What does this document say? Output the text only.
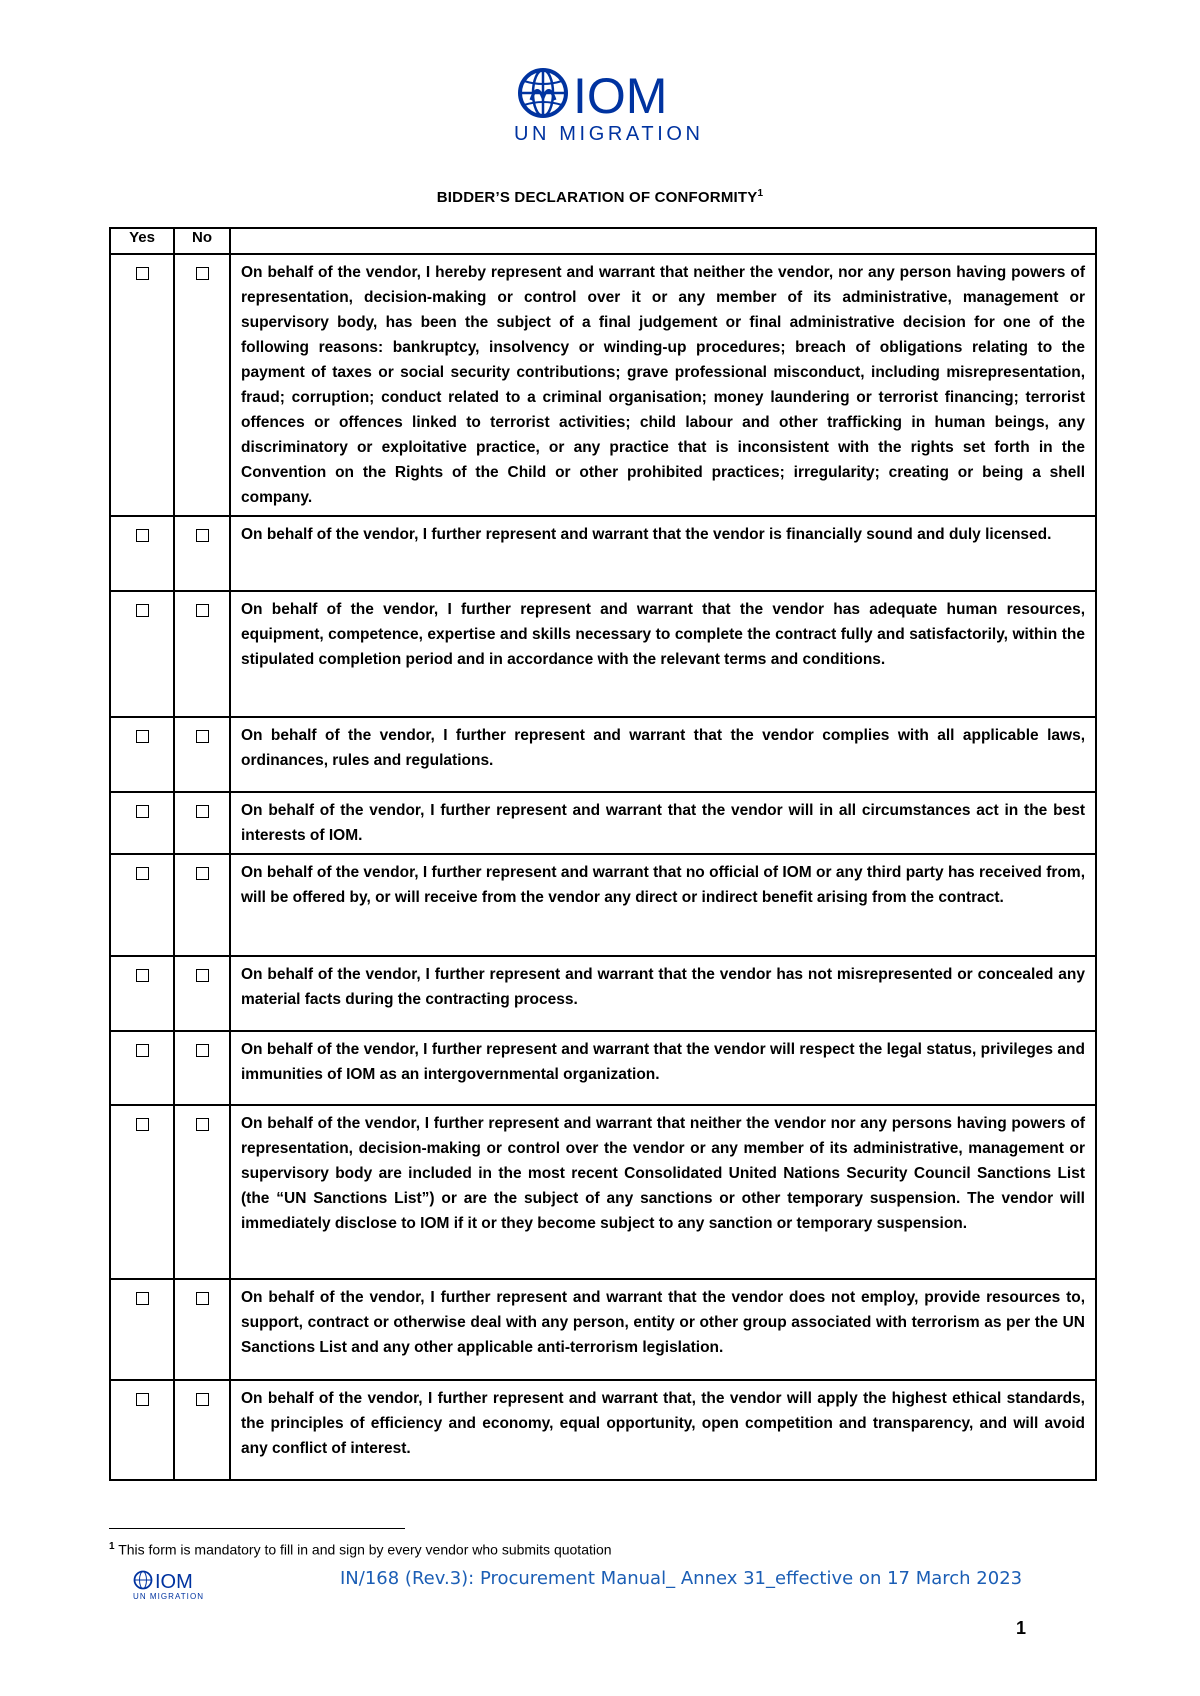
IOM
UN MIGRATION
BIDDER’S DECLARATION OF CONFORMITY$^1$
Yes	No	
		On behalf of the vendor, I hereby represent and warrant that neither the vendor, nor any person having powers of representation, decision-making or control over it or any member of its administrative, management or supervisory body, has been the subject of a final judgement or final administrative decision for one of the following reasons: bankruptcy, insolvency or winding-up procedures; breach of obligations relating to the payment of taxes or social security contributions; grave professional misconduct, including misrepresentation, fraud; corruption; conduct related to a criminal organisation; money laundering or terrorist financing; terrorist offences or offences linked to terrorist activities; child labour and other trafficking in human beings, any discriminatory or exploitative practice, or any practice that is inconsistent with the rights set forth in the Convention on the Rights of the Child or other prohibited practices; irregularity; creating or being a shell company.
		On behalf of the vendor, I further represent and warrant that the vendor is financially sound and duly licensed.
		On behalf of the vendor, I further represent and warrant that the vendor has adequate human resources, equipment, competence, expertise and skills necessary to complete the contract fully and satisfactorily, within the stipulated completion period and in accordance with the relevant terms and conditions.
		On behalf of the vendor, I further represent and warrant that the vendor complies with all applicable laws, ordinances, rules and regulations.
		On behalf of the vendor, I further represent and warrant that the vendor will in all circumstances act in the best interests of IOM.
		On behalf of the vendor, I further represent and warrant that no official of IOM or any third party has received from, will be offered by, or will receive from the vendor any direct or indirect benefit arising from the contract.
		On behalf of the vendor, I further represent and warrant that the vendor has not misrepresented or concealed any material facts during the contracting process.
		On behalf of the vendor, I further represent and warrant that the vendor will respect the legal status, privileges and immunities of IOM as an intergovernmental organization.
		On behalf of the vendor, I further represent and warrant that neither the vendor nor any persons having powers of representation, decision-making or control over the vendor or any member of its administrative, management or supervisory body are included in the most recent Consolidated United Nations Security Council Sanctions List (the “UN Sanctions List”) or are the subject of any sanctions or other temporary suspension. The vendor will immediately disclose to IOM if it or they become subject to any sanction or temporary suspension.
		On behalf of the vendor, I further represent and warrant that the vendor does not employ, provide resources to, support, contract or otherwise deal with any person, entity or other group associated with terrorism as per the UN Sanctions List and any other applicable anti-terrorism legislation.
		On behalf of the vendor, I further represent and warrant that, the vendor will apply the highest ethical standards, the principles of efficiency and economy, equal opportunity, open competition and transparency, and will avoid any conflict of interest.
$^1$ This form is mandatory to fill in and sign by every vendor who submits quotation
IOM
UN MIGRATION
IN/168 (Rev.3): Procurement Manual_ Annex 31_effective on 17 March 2023
1
